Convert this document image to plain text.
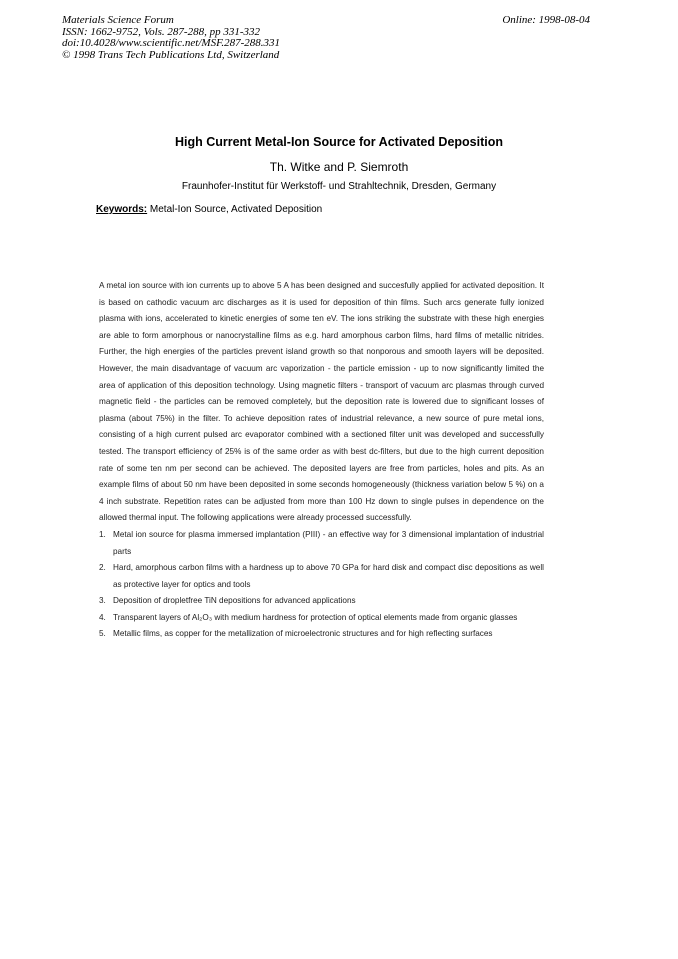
Materials Science Forum
ISSN: 1662-9752, Vols. 287-288, pp 331-332
doi:10.4028/www.scientific.net/MSF.287-288.331
© 1998 Trans Tech Publications Ltd, Switzerland
Online: 1998-08-04
High Current Metal-Ion Source for Activated Deposition
Th. Witke and P. Siemroth
Fraunhofer-Institut für Werkstoff- und Strahltechnik, Dresden, Germany
Keywords: Metal-Ion Source, Activated Deposition

A metal ion source with ion currents up to above 5 A has been designed and succesfully applied for activated deposition. It is based on cathodic vacuum arc discharges as it is used for deposition of thin films. Such arcs generate fully ionized plasma with ions, accelerated to kinetic energies of some ten eV. The ions striking the substrate with these high energies are able to form amorphous or nanocrystalline films as e.g. hard amorphous carbon films, hard films of metallic nitrides. Further, the high energies of the particles prevent island growth so that nonporous and smooth layers will be deposited. However, the main disadvantage of vacuum arc vaporization - the particle emission - up to now significantly limited the area of application of this deposition technology. Using magnetic filters - transport of vacuum arc plasmas through curved magnetic field - the particles can be removed completely, but the deposition rate is lowered due to significant losses of plasma (about 75%) in the filter. To achieve deposition rates of industrial relevance, a new source of pure metal ions, consisting of a high current pulsed arc evaporator combined with a sectioned filter unit was developed and successfully tested. The transport efficiency of 25% is of the same order as with best dc-filters, but due to the high current deposition rate of some ten nm per second can be achieved. The deposited layers are free from particles, holes and pits. As an example films of about 50 nm have been deposited in some seconds homogeneously (thickness variation below 5 %) on a 4 inch substrate. Repetition rates can be adjusted from more than 100 Hz down to single pulses in dependence on the allowed thermal input. The following applications were already processed successfully.

1. Metal ion source for plasma immersed implantation (PIII) - an effective way for 3 dimensional implantation of industrial parts
2. Hard, amorphous carbon films with a hardness up to above 70 GPa for hard disk and compact disc depositions as well as protective layer for optics and tools
3. Deposition of dropletfree TiN depositions for advanced applications
4. Transparent layers of Al₂O₃ with medium hardness for protection of optical elements made from organic glasses
5. Metallic films, as copper for the metallization of microelectronic structures and for high reflecting surfaces
